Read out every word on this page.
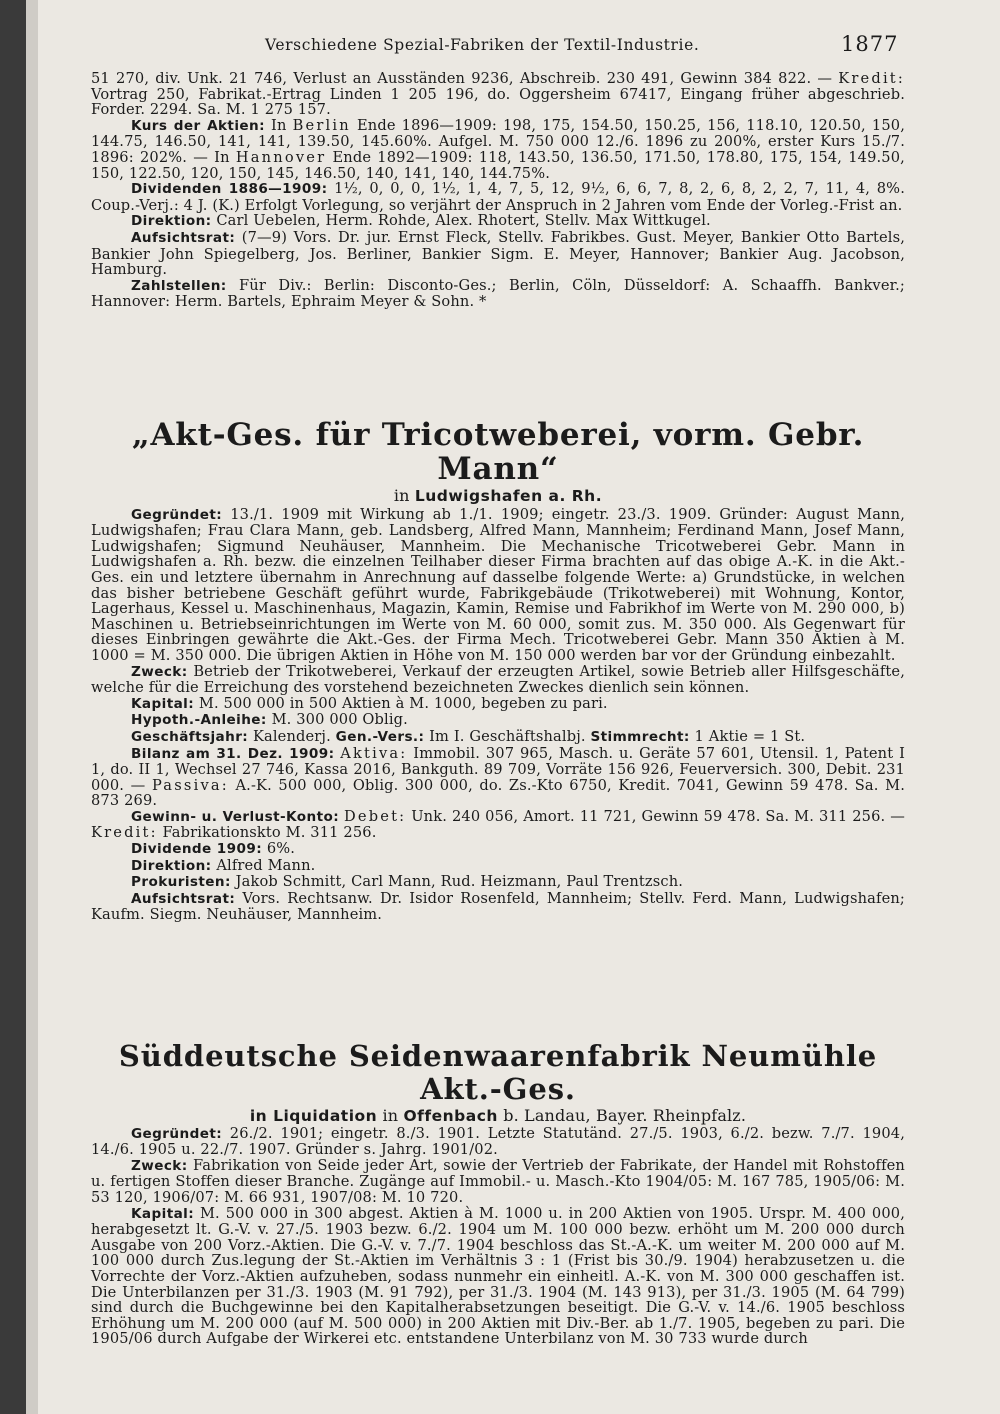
Verschiedene Spezial-Fabriken der Textil-Industrie.	1877

51 270, div. Unk. 21 746, Verlust an Ausständen 9236, Abschreib. 230 491, Gewinn 384 822. — Kredit: Vortrag 250, Fabrikat.-Ertrag Linden 1 205 196, do. Oggersheim 67417, Eingang früher abgeschrieb. Forder. 2294. Sa. M. 1 275 157.

Kurs der Aktien: In Berlin Ende 1896—1909: 198, 175, 154.50, 150.25, 156, 118.10, 120.50, 150, 144.75, 146.50, 141, 141, 139.50, 145.60%. Aufgel. M. 750 000 12./6. 1896 zu 200%, erster Kurs 15./7. 1896: 202%. — In Hannover Ende 1892—1909: 118, 143.50, 136.50, 171.50, 178.80, 175, 154, 149.50, 150, 122.50, 120, 150, 145, 146.50, 140, 141, 140, 144.75%.

Dividenden 1886—1909: 1½, 0, 0, 0, 1½, 1, 4, 7, 5, 12, 9½, 6, 6, 7, 8, 2, 6, 8, 2, 2, 7, 11, 4, 8%. Coup.-Verj.: 4 J. (K.) Erfolgt Vorlegung, so verjährt der Anspruch in 2 Jahren vom Ende der Vorleg.-Frist an.

Direktion: Carl Uebelen, Herm. Rohde, Alex. Rhotert, Stellv. Max Wittkugel.

Aufsichtsrat: (7—9) Vors. Dr. jur. Ernst Fleck, Stellv. Fabrikbes. Gust. Meyer, Bankier Otto Bartels, Bankier John Spiegelberg, Jos. Berliner, Bankier Sigm. E. Meyer, Hannover; Bankier Aug. Jacobson, Hamburg.

Zahlstellen: Für Div.: Berlin: Disconto-Ges.; Berlin, Cöln, Düsseldorf: A. Schaaffh. Bankver.; Hannover: Herm. Bartels, Ephraim Meyer & Sohn. *

„Akt-Ges. für Tricotweberei, vorm. Gebr. Mann“
in Ludwigshafen a. Rh.

Gegründet: 13./1. 1909 mit Wirkung ab 1./1. 1909; eingetr. 23./3. 1909. Gründer: August Mann, Ludwigshafen; Frau Clara Mann, geb. Landsberg, Alfred Mann, Mannheim; Ferdinand Mann, Josef Mann, Ludwigshafen; Sigmund Neuhäuser, Mannheim. Die Mechanische Tricotweberei Gebr. Mann in Ludwigshafen a. Rh. bezw. die einzelnen Teilhaber dieser Firma brachten auf das obige A.-K. in die Akt.-Ges. ein und letztere übernahm in Anrechnung auf dasselbe folgende Werte: a) Grundstücke, in welchen das bisher betriebene Geschäft geführt wurde, Fabrikgebäude (Trikotweberei) mit Wohnung, Kontor, Lagerhaus, Kessel u. Maschinenhaus, Magazin, Kamin, Remise und Fabrikhof im Werte von M. 290 000, b) Maschinen u. Betriebseinrichtungen im Werte von M. 60 000, somit zus. M. 350 000. Als Gegenwart für dieses Einbringen gewährte die Akt.-Ges. der Firma Mech. Tricotweberei Gebr. Mann 350 Aktien à M. 1000 = M. 350 000. Die übrigen Aktien in Höhe von M. 150 000 werden bar vor der Gründung einbezahlt.

Zweck: Betrieb der Trikotweberei, Verkauf der erzeugten Artikel, sowie Betrieb aller Hilfsgeschäfte, welche für die Erreichung des vorstehend bezeichneten Zweckes dienlich sein können.

Kapital: M. 500 000 in 500 Aktien à M. 1000, begeben zu pari.

Hypoth.-Anleihe: M. 300 000 Oblig.

Geschäftsjahr: Kalenderj. Gen.-Vers.: Im I. Geschäftshalbj. Stimmrecht: 1 Aktie = 1 St.

Bilanz am 31. Dez. 1909: Aktiva: Immobil. 307 965, Masch. u. Geräte 57 601, Utensil. 1, Patent I 1, do. II 1, Wechsel 27 746, Kassa 2016, Bankguth. 89 709, Vorräte 156 926, Feuerversich. 300, Debit. 231 000. — Passiva: A.-K. 500 000, Oblig. 300 000, do. Zs.-Kto 6750, Kredit. 7041, Gewinn 59 478. Sa. M. 873 269.

Gewinn- u. Verlust-Konto: Debet: Unk. 240 056, Amort. 11 721, Gewinn 59 478. Sa. M. 311 256. — Kredit: Fabrikationskto M. 311 256.

Dividende 1909: 6%.

Direktion: Alfred Mann.

Prokuristen: Jakob Schmitt, Carl Mann, Rud. Heizmann, Paul Trentzsch.

Aufsichtsrat: Vors. Rechtsanw. Dr. Isidor Rosenfeld, Mannheim; Stellv. Ferd. Mann, Ludwigshafen; Kaufm. Siegm. Neuhäuser, Mannheim.

Süddeutsche Seidenwaarenfabrik Neumühle Akt.-Ges.
in Liquidation in Offenbach b. Landau, Bayer. Rheinpfalz.

Gegründet: 26./2. 1901; eingetr. 8./3. 1901. Letzte Statutänd. 27./5. 1903, 6./2. bezw. 7./7. 1904, 14./6. 1905 u. 22./7. 1907. Gründer s. Jahrg. 1901/02.

Zweck: Fabrikation von Seide jeder Art, sowie der Vertrieb der Fabrikate, der Handel mit Rohstoffen u. fertigen Stoffen dieser Branche. Zugänge auf Immobil.- u. Masch.-Kto 1904/05: M. 167 785, 1905/06: M. 53 120, 1906/07: M. 66 931, 1907/08: M. 10 720.

Kapital: M. 500 000 in 300 abgest. Aktien à M. 1000 u. in 200 Aktien von 1905. Urspr. M. 400 000, herabgesetzt lt. G.-V. v. 27./5. 1903 bezw. 6./2. 1904 um M. 100 000 bezw. erhöht um M. 200 000 durch Ausgabe von 200 Vorz.-Aktien. Die G.-V. v. 7./7. 1904 beschloss das St.-A.-K. um weiter M. 200 000 auf M. 100 000 durch Zus.legung der St.-Aktien im Verhältnis 3 : 1 (Frist bis 30./9. 1904) herabzusetzen u. die Vorrechte der Vorz.-Aktien aufzuheben, sodass nunmehr ein einheitl. A.-K. von M. 300 000 geschaffen ist. Die Unterbilanzen per 31./3. 1903 (M. 91 792), per 31./3. 1904 (M. 143 913), per 31./3. 1905 (M. 64 799) sind durch die Buchgewinne bei den Kapitalherabsetzungen beseitigt. Die G.-V. v. 14./6. 1905 beschloss Erhöhung um M. 200 000 (auf M. 500 000) in 200 Aktien mit Div.-Ber. ab 1./7. 1905, begeben zu pari. Die 1905/06 durch Aufgabe der Wirkerei etc. entstandene Unterbilanz von M. 30 733 wurde durch
